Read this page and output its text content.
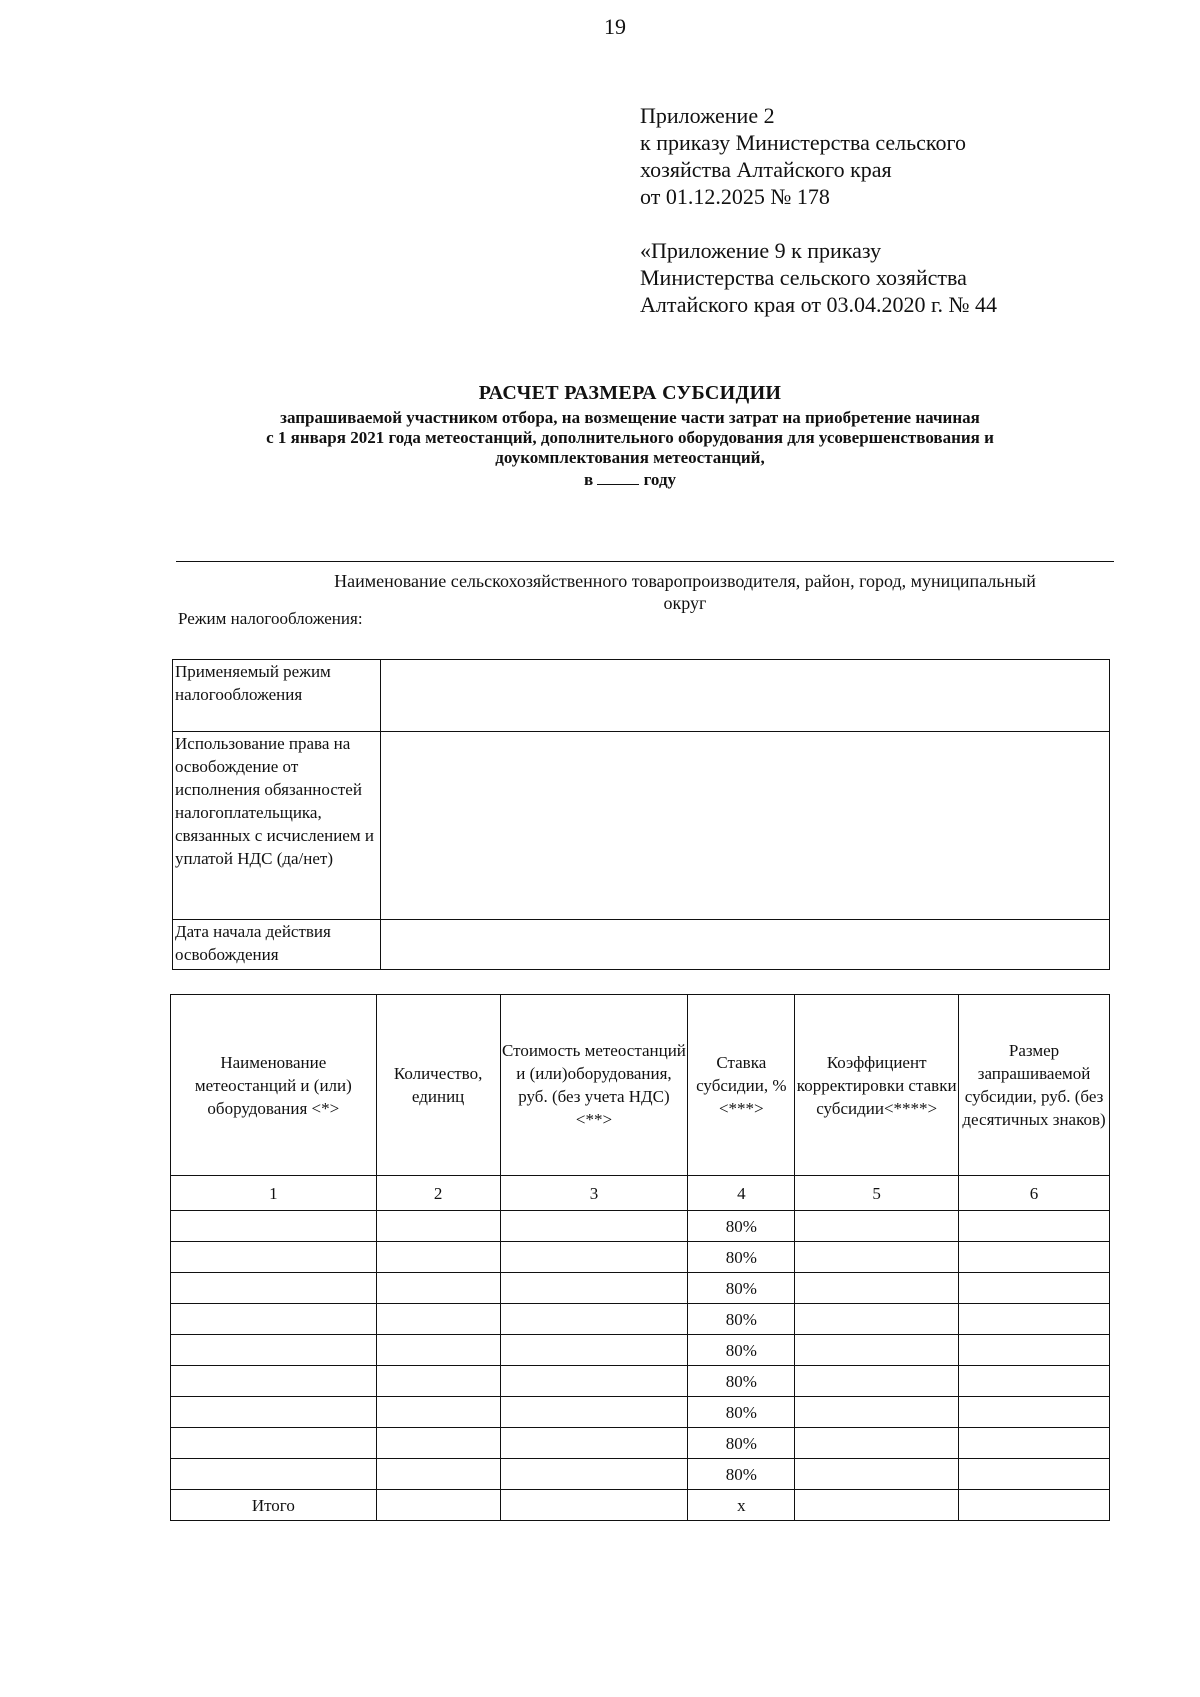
19
Приложение 2
к приказу Министерства сельского
хозяйства Алтайского края
от 01.12.2025 № 178
«Приложение 9 к приказу
Министерства сельского хозяйства
Алтайского края от 03.04.2020 г. № 44
РАСЧЕТ РАЗМЕРА СУБСИДИИ
запрашиваемой участником отбора, на возмещение части затрат на приобретение начиная
с 1 января 2021 года метеостанций, дополнительного оборудования для усовершенствования и
доукомплектования метеостанций,
в	году
Наименование сельскохозяйственного товаропроизводителя, район, город, муниципальный
округ
Режим налогообложения:
Применяемый режим налогообложения	
Использование права на освобождение от исполнения обязанностей налогоплательщика, связанных с исчислением и уплатой НДС (да/нет)	
Дата начала действия освобождения	
Наименование метеостанций и (или) оборудования <*>	Количество, единиц	Стоимость метеостанций и (или)оборудования, руб. (без учета НДС) <**>	Ставка субсидии, %<***>	Коэффициент корректировки ставки субсидии<****>	Размер запрашиваемой субсидии, руб. (без десятичных знаков)
1	2	3	4	5	6
			80%		
			80%		
			80%		
			80%		
			80%		
			80%		
			80%		
			80%		
			80%		
Итого			x		
